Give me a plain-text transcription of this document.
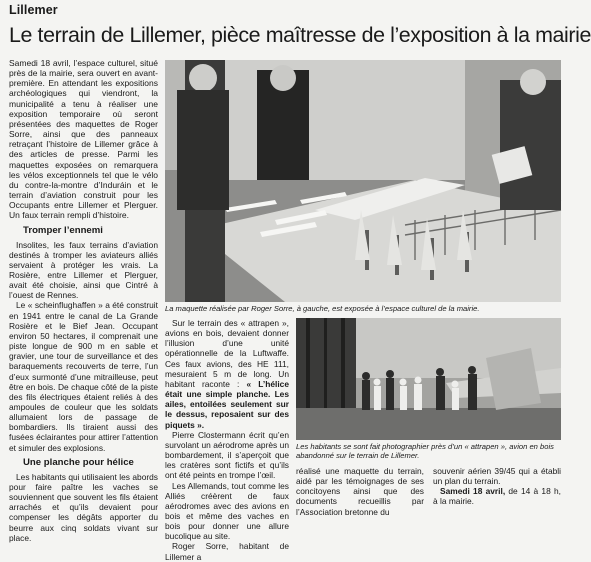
Lillemer
Le terrain de Lillemer, pièce maîtresse de l’exposition à la mairie

Samedi 18 avril, l’espace culturel, situé près de la mairie, sera ouvert en avant-première. En attendant les expositions archéologiques qui viendront, la municipalité a tenu à réaliser une exposition temporaire où seront présentées des maquettes de Roger Sorre, ainsi que des panneaux retraçant l’histoire de Lillemer grâce à des articles de presse. Parmi les maquettes exposées on remarquera les vélos exceptionnels tel que le vélo du contre-la-montre d’Induráin et le terrain d’aviation construit pour les Occupants entre Lillemer et Plerguer. Un faux terrain rempli d’histoire.

Tromper l’ennemi

Insolites, les faux terrains d’aviation destinés à tromper les aviateurs alliés servaient à protéger les vrais. La Rosière, entre Lillemer et Plerguer, avait été choisie, ainsi que Cintré à l’ouest de Rennes.

Le « scheinflughaffen » a été construit en 1941 entre le canal de La Grande Rosière et le Bief Jean. Occupant environ 50 hectares, il comprenait une piste longue de 900 m en sable et gravier, une tour de surveillance et des baraquements recouverts de terre, l’un d’eux surmonté d’une mitrailleuse, peut être en bois. De chaque côté de la piste des fils électriques étaient reliés à des ampoules de couleur que les soldats allumaient lors de passage de bombardiers. Ils tiraient aussi des fusées éclairantes pour attirer l’attention et simuler des explosions.

Une planche pour hélice

Les habitants qui utilisaient les abords pour faire paître les vaches se souviennent que souvent les fils étaient arrachés et qu’ils devaient pour compenser les dégâts apporter du beurre aux cinq soldats vivant sur place.

La maquette réalisée par Roger Sorre, à gauche, est exposée à l’espace culturel de la mairie.

Sur le terrain des « attrapen », avions en bois, devaient donner l’illusion d’une unité opérationnelle de la Luftwaffe. Ces faux avions, des HE 111, mesuraient 5 m de long. Un habitant raconte : « L’hélice était une simple planche. Les ailes, entoilées seulement sur le dessus, reposaient sur des piquets ».

Pierre Clostermann écrit qu’en survolant un aérodrome après un bombardement, il s’aperçoit que les cratères sont fictifs et qu’ils ont été peints en trompe l’œil.

Les Allemands, tout comme les Alliés créèrent de faux aérodromes avec des avions en bois et même des vaches en bois pour donner une allure bucolique au site.

Roger Sorre, habitant de Lillemer a

Les habitants se sont fait photographier près d’un « attrapen », avion en bois abandonné sur le terrain de Lillemer.

réalisé une maquette du terrain, aidé par les témoignages de ses concitoyens ainsi que des documents recueillis par l’Association bretonne du

souvenir aérien 39/45 qui a établi un plan du terrain.

Samedi 18 avril, de 14 à 18 h, à la mairie.
